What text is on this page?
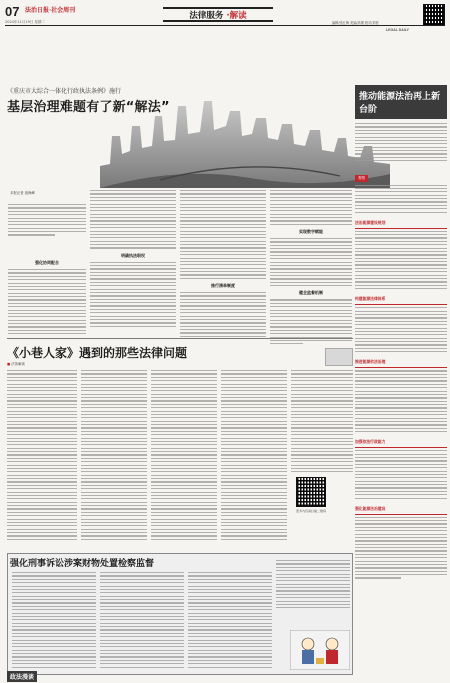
07 法治日报·社会周刊
2024年11月19日 星期二
法律服务 ·解读
编辑/张红梅 美编/高瑾 校对/刘悦
LEGAL DAILY
《重庆市大综合一体化行政执法条例》施行
基层治理难题有了新“解法”
本报记者 战海峰
明确执法职权
推行清单制度
实现数字赋能
健全监督机制
强化协同配合
《小巷人家》遇到的那些法律问题
■ 法条解读
更多内容请扫描二维码
强化刑事诉讼涉案财物处置检察监督
政法漫谈
推动能源法治再上新台阶
观察
法治能源建设规划
构建能源法律体系
推进能源依法治理
加强依法行政能力
强化能源法治建设
